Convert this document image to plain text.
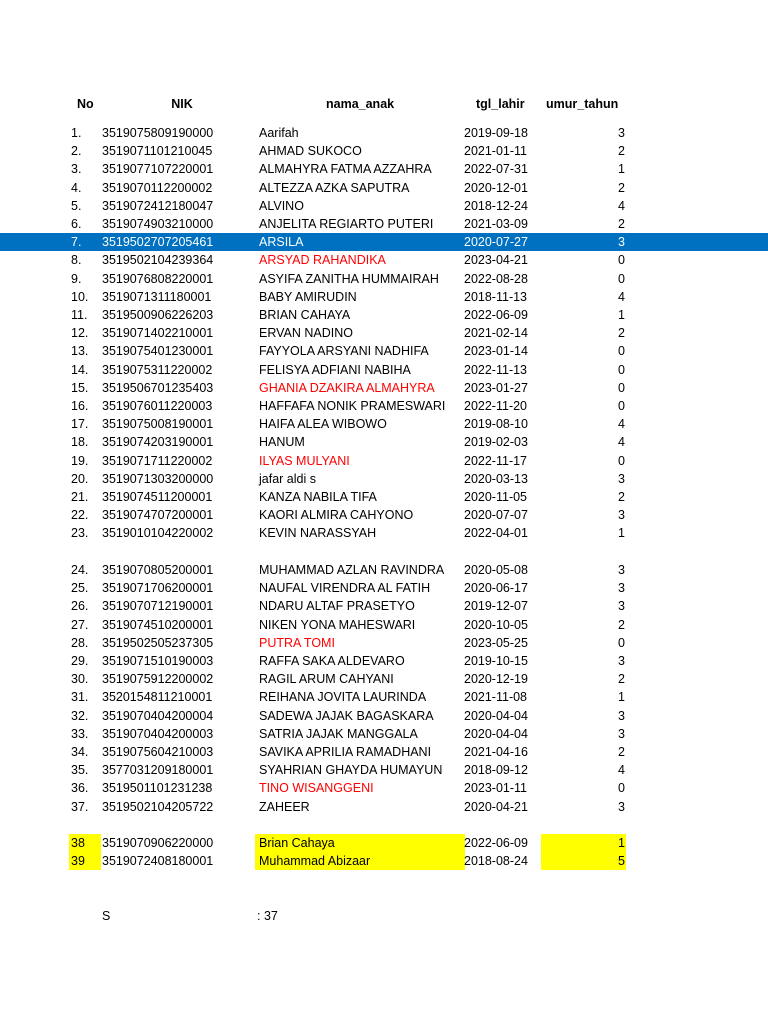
No	NIK	nama_anak	tgl_lahir umur_tahun
1.	3519075809190000	Aarifah	2019-09-18	3
2.	3519071101210045	AHMAD SUKOCO	2021-01-11	2
3.	3519077107220001	ALMAHYRA FATMA AZZAHRA	2022-07-31	1
4.	3519070112200002	ALTEZZA AZKA SAPUTRA	2020-12-01	2
5.	3519072412180047	ALVINO	2018-12-24	4
6.	3519074903210000	ANJELITA REGIARTO PUTERI	2021-03-09	2
7.	3519502707205461	ARSILA	2020-07-27	3
8.	3519502104239364	ARSYAD RAHANDIKA	2023-04-21	0
9.	3519076808220001	ASYIFA ZANITHA HUMMAIRAH	2022-08-28	0
10.	3519071311180001	BABY AMIRUDIN	2018-11-13	4
11.	3519500906226203	BRIAN CAHAYA	2022-06-09	1
12.	3519071402210001	ERVAN NADINO	2021-02-14	2
13.	3519075401230001	FAYYOLA ARSYANI NADHIFA	2023-01-14	0
14.	3519075311220002	FELISYA ADFIANI NABIHA	2022-11-13	0
15.	3519506701235403	GHANIA DZAKIRA ALMAHYRA	2023-01-27	0
16.	3519076011220003	HAFFAFA NONIK PRAMESWARI	2022-11-20	0
17.	3519075008190001	HAIFA ALEA WIBOWO	2019-08-10	4
18.	3519074203190001	HANUM	2019-02-03	4
19.	3519071711220002	ILYAS MULYANI	2022-11-17	0
20.	3519071303200000	jafar aldi s	2020-03-13	3
21.	3519074511200001	KANZA NABILA TIFA	2020-11-05	2
22.	3519074707200001	KAORI ALMIRA CAHYONO	2020-07-07	3
23.	3519010104220002	KEVIN NARASSYAH	2022-04-01	1
24.	3519070805200001	MUHAMMAD AZLAN RAVINDRA	2020-05-08	3
25.	3519071706200001	NAUFAL VIRENDRA AL FATIH	2020-06-17	3
26.	3519070712190001	NDARU ALTAF PRASETYO	2019-12-07	3
27.	3519074510200001	NIKEN YONA MAHESWARI	2020-10-05	2
28.	3519502505237305	PUTRA TOMI	2023-05-25	0
29.	3519071510190003	RAFFA SAKA ALDEVARO	2019-10-15	3
30.	3519075912200002	RAGIL ARUM CAHYANI	2020-12-19	2
31.	3520154811210001	REIHANA JOVITA LAURINDA	2021-11-08	1
32.	3519070404200004	SADEWA JAJAK BAGASKARA	2020-04-04	3
33.	3519070404200003	SATRIA JAJAK MANGGALA	2020-04-04	3
34.	3519075604210003	SAVIKA APRILIA RAMADHANI	2021-04-16	2
35.	3577031209180001	SYAHRIAN GHAYDA HUMAYUN	2018-09-12	4
36.	3519501101231238	TINO WISANGGENI	2023-01-11	0
37.	3519502104205722	ZAHEER	2020-04-21	3
38	3519070906220000	Brian Cahaya	2022-06-09	1
39	3519072408180001	Muhammad Abizaar	2018-08-24	5
S	: 37
